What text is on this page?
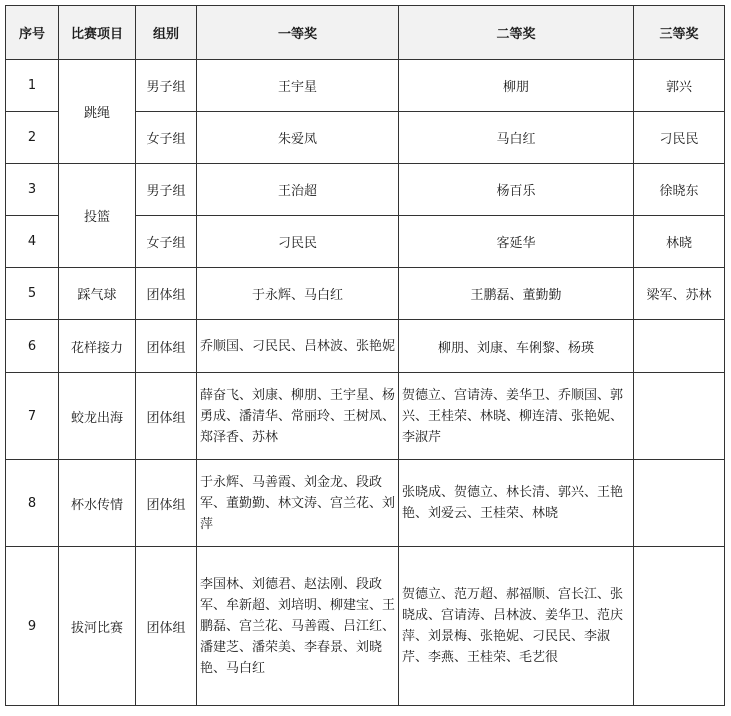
序号	比赛项目	组别	一等奖	二等奖	三等奖
1	跳绳	男子组	王宇星	柳朋	郭兴
2		女子组	朱爱凤	马白红	刁民民
3	投篮	男子组	王治超	杨百乐	徐晓东
4		女子组	刁民民	客延华	林晓
5	踩气球	团体组	于永辉、马白红	王鹏磊、董勤勤	梁军、苏林
6	花样接力	团体组	乔顺国、刁民民、吕林波、张艳妮	柳朋、刘康、车俐黎、杨瑛	
7	蛟龙出海	团体组	薛奋飞、刘康、柳朋、王宇星、杨勇成、潘清华、常丽玲、王树凤、郑泽香、苏林	贺德立、宫请涛、姜华卫、乔顺国、郭兴、王桂荣、林晓、柳连清、张艳妮、李淑芹	
8	杯水传情	团体组	于永辉、马善霞、刘金龙、段政军、董勤勤、林文涛、宫兰花、刘萍	张晓成、贺德立、林长清、郭兴、王艳艳、刘爱云、王桂荣、林晓	
9	拔河比赛	团体组	李国林、刘德君、赵法刚、段政军、牟新超、刘培明、柳建宝、王鹏磊、宫兰花、马善霞、吕江红、潘建芝、潘荣美、李春景、刘晓艳、马白红	贺德立、范万超、郝福顺、宫长江、张晓成、宫请涛、吕林波、姜华卫、范庆萍、刘景梅、张艳妮、刁民民、李淑芹、李燕、王桂荣、毛艺很	
